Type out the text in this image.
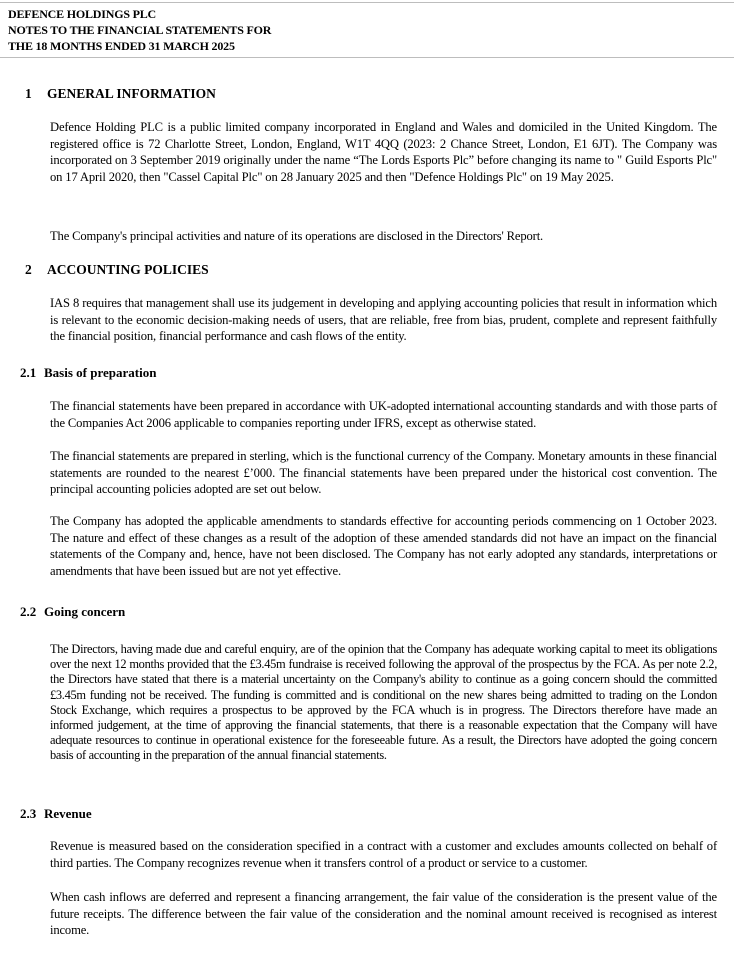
DEFENCE HOLDINGS PLC
NOTES TO THE FINANCIAL STATEMENTS FOR
THE 18 MONTHS ENDED 31 MARCH 2025
1 GENERAL INFORMATION
Defence Holding PLC is a public limited company incorporated in England and Wales and domiciled in the United Kingdom. The registered office is 72 Charlotte Street, London, England, W1T 4QQ (2023: 2 Chance Street, London, E1 6JT). The Company was incorporated on 3 September 2019 originally under the name “The Lords Esports Plc” before changing its name to " Guild Esports Plc" on 17 April 2020, then "Cassel Capital Plc" on 28 January 2025 and then "Defence Holdings Plc" on 19 May 2025.
The Company's principal activities and nature of its operations are disclosed in the Directors' Report.
2 ACCOUNTING POLICIES
IAS 8 requires that management shall use its judgement in developing and applying accounting policies that result in information which is relevant to the economic decision-making needs of users, that are reliable, free from bias, prudent, complete and represent faithfully the financial position, financial performance and cash flows of the entity.
2.1 Basis of preparation
The financial statements have been prepared in accordance with UK-adopted international accounting standards and with those parts of the Companies Act 2006 applicable to companies reporting under IFRS, except as otherwise stated.
The financial statements are prepared in sterling, which is the functional currency of the Company. Monetary amounts in these financial statements are rounded to the nearest £’000. The financial statements have been prepared under the historical cost convention. The principal accounting policies adopted are set out below.
The Company has adopted the applicable amendments to standards effective for accounting periods commencing on 1 October 2023. The nature and effect of these changes as a result of the adoption of these amended standards did not have an impact on the financial statements of the Company and, hence, have not been disclosed. The Company has not early adopted any standards, interpretations or amendments that have been issued but are not yet effective.
2.2 Going concern
The Directors, having made due and careful enquiry, are of the opinion that the Company has adequate working capital to meet its obligations over the next 12 months provided that the £3.45m fundraise is received following the approval of the prospectus by the FCA. As per note 2.2, the Directors have stated that there is a material uncertainty on the Company's ability to continue as a going concern should the committed £3.45m funding not be received. The funding is committed and is conditional on the new shares being admitted to trading on the London Stock Exchange, which requires a prospectus to be approved by the FCA whuch is in progress. The Directors therefore have made an informed judgement, at the time of approving the financial statements, that there is a reasonable expectation that the Company will have adequate resources to continue in operational existence for the foreseeable future. As a result, the Directors have adopted the going concern basis of accounting in the preparation of the annual financial statements.
2.3 Revenue
Revenue is measured based on the consideration specified in a contract with a customer and excludes amounts collected on behalf of third parties. The Company recognizes revenue when it transfers control of a product or service to a customer.
When cash inflows are deferred and represent a financing arrangement, the fair value of the consideration is the present value of the future receipts. The difference between the fair value of the consideration and the nominal amount received is recognised as interest income.
